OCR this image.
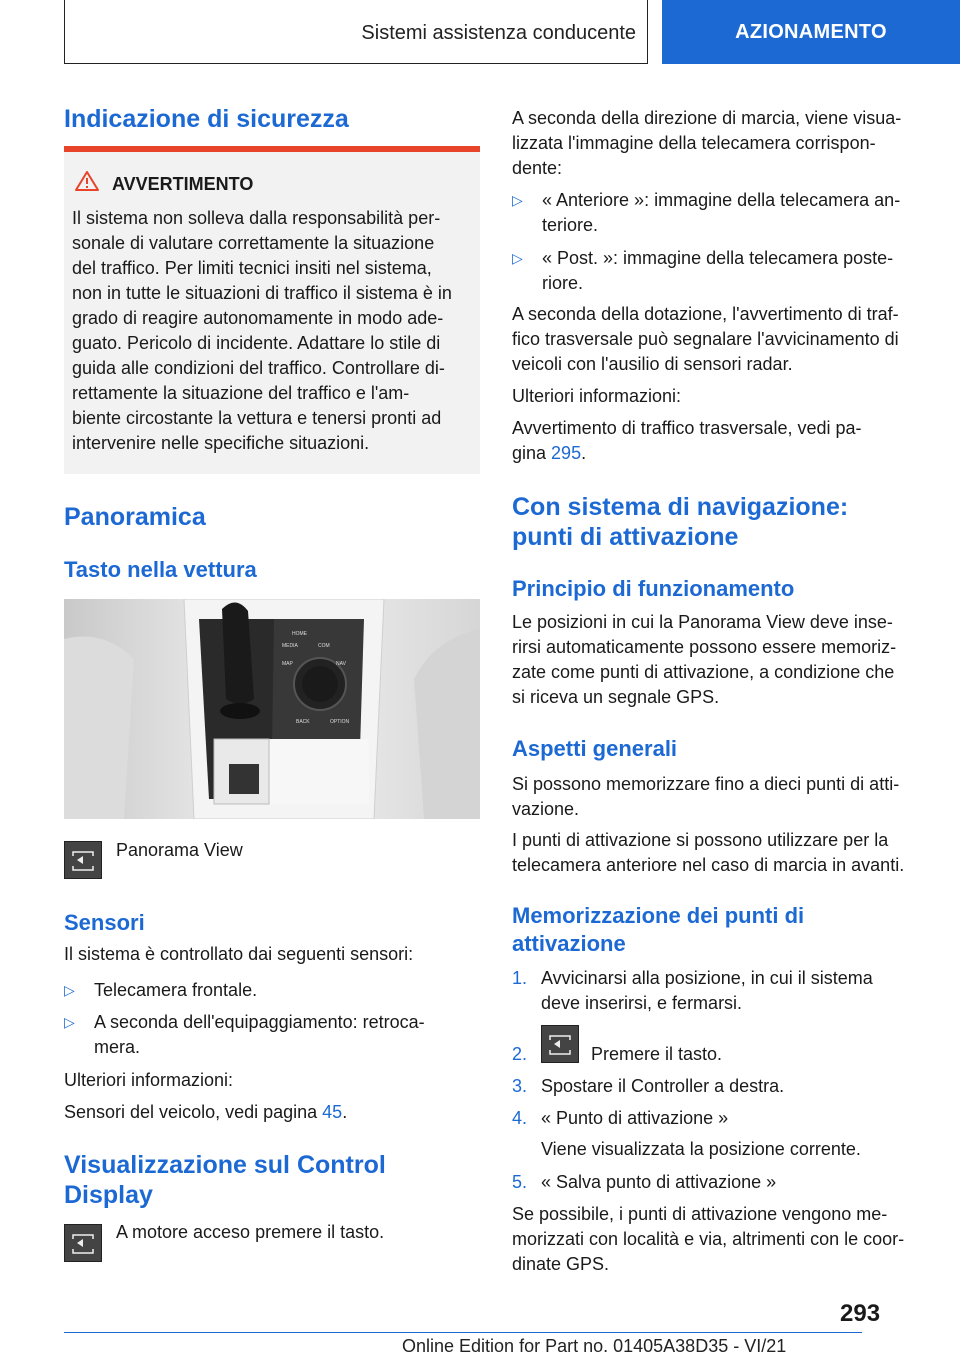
Sistemi assistenza conducente	AZIONAMENTO
Indicazione di sicurezza
AVVERTIMENTO
Il sistema non solleva dalla responsabilità per-
sonale di valutare correttamente la situazione
del traffico. Per limiti tecnici insiti nel sistema,
non in tutte le situazioni di traffico il sistema è in
grado di reagire autonomamente in modo ade-
guato. Pericolo di incidente. Adattare lo stile di
guida alle condizioni del traffico. Controllare di-
rettamente la situazione del traffico e l'am-
biente circostante la vettura e tenersi pronti ad
intervenire nelle specifiche situazioni.
Panoramica
Tasto nella vettura
HOME
MEDIA	COM
MAP	NAV
BACK	OPTION
Panorama View
Sensori
Il sistema è controllato dai seguenti sensori:
▷	Telecamera frontale.
▷ A seconda dell'equipaggiamento: retroca-
mera.
Ulteriori informazioni:
Sensori del veicolo, vedi pagina 45.
Visualizzazione sul Control
Display
A motore acceso premere il tasto.
A seconda della direzione di marcia, viene visua-
lizzata l'immagine della telecamera corrispon-
dente:
▷ « Anteriore »: immagine della telecamera an-
teriore.
▷ « Post. »: immagine della telecamera poste-
riore.
A seconda della dotazione, l'avvertimento di traf-
fico trasversale può segnalare l'avvicinamento di
veicoli con l'ausilio di sensori radar.
Ulteriori informazioni:
Avvertimento di traffico trasversale, vedi pa-
gina 295.
Con sistema di navigazione:
punti di attivazione
Principio di funzionamento
Le posizioni in cui la Panorama View deve inse-
rirsi automaticamente possono essere memoriz-
zate come punti di attivazione, a condizione che
si riceva un segnale GPS.
Aspetti generali
Si possono memorizzare fino a dieci punti di atti-
vazione.
I punti di attivazione si possono utilizzare per la
telecamera anteriore nel caso di marcia in avanti.
Memorizzazione dei punti di
attivazione
1. Avvicinarsi alla posizione, in cui il sistema
deve inserirsi, e fermarsi.
2.	Premere il tasto.
3. Spostare il Controller a destra.
4. « Punto di attivazione »
Viene visualizzata la posizione corrente.
5. « Salva punto di attivazione »
Se possibile, i punti di attivazione vengono me-
morizzati con località e via, altrimenti con le coor-
dinate GPS.
293
Online Edition for Part no. 01405A38D35 - VI/21
